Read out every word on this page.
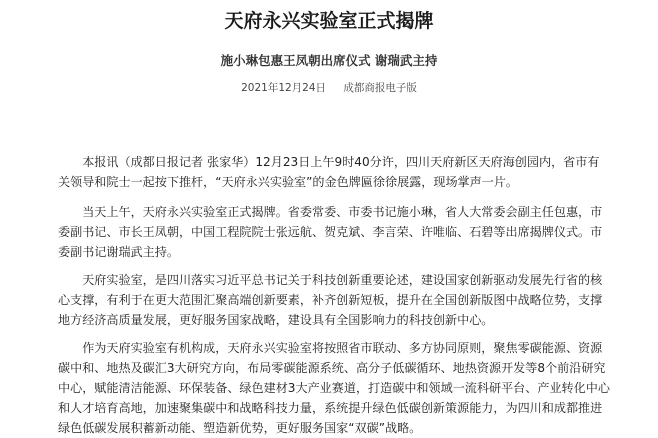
天府永兴实验室正式揭牌
施小琳包惠王凤朝出席仪式 谢瑞武主持
2021年12月24日 成都商报电子版

本报讯（成都日报记者 张家华）12月23日上午9时40分许，四川天府新区天府海创园内，省市有关领导和院士一起按下推杆，“天府永兴实验室”的金色牌匾徐徐展露，现场掌声一片。

当天上午，天府永兴实验室正式揭牌。省委常委、市委书记施小琳，省人大常委会副主任包惠，市委副书记、市长王凤朝，中国工程院院士张远航、贺克斌、李言荣、许唯临、石碧等出席揭牌仪式。市委副书记谢瑞武主持。

天府实验室，是四川落实习近平总书记关于科技创新重要论述，建设国家创新驱动发展先行省的核心支撑，有利于在更大范围汇聚高端创新要素，补齐创新短板，提升在全国创新版图中战略位势，支撑地方经济高质量发展，更好服务国家战略，建设具有全国影响力的科技创新中心。

作为天府实验室有机构成，天府永兴实验室将按照省市联动、多方协同原则，聚焦零碳能源、资源碳中和、地热及碳汇3大研究方向，布局零碳能源系统、高分子低碳循环、地热资源开发等8个前沿研究中心，赋能清洁能源、环保装备、绿色建材3大产业赛道，打造碳中和领域一流科研平台、产业转化中心和人才培育高地，加速聚集碳中和战略科技力量，系统提升绿色低碳创新策源能力，为四川和成都推进绿色低碳发展积蓄新动能、塑造新优势，更好服务国家“双碳”战略。
